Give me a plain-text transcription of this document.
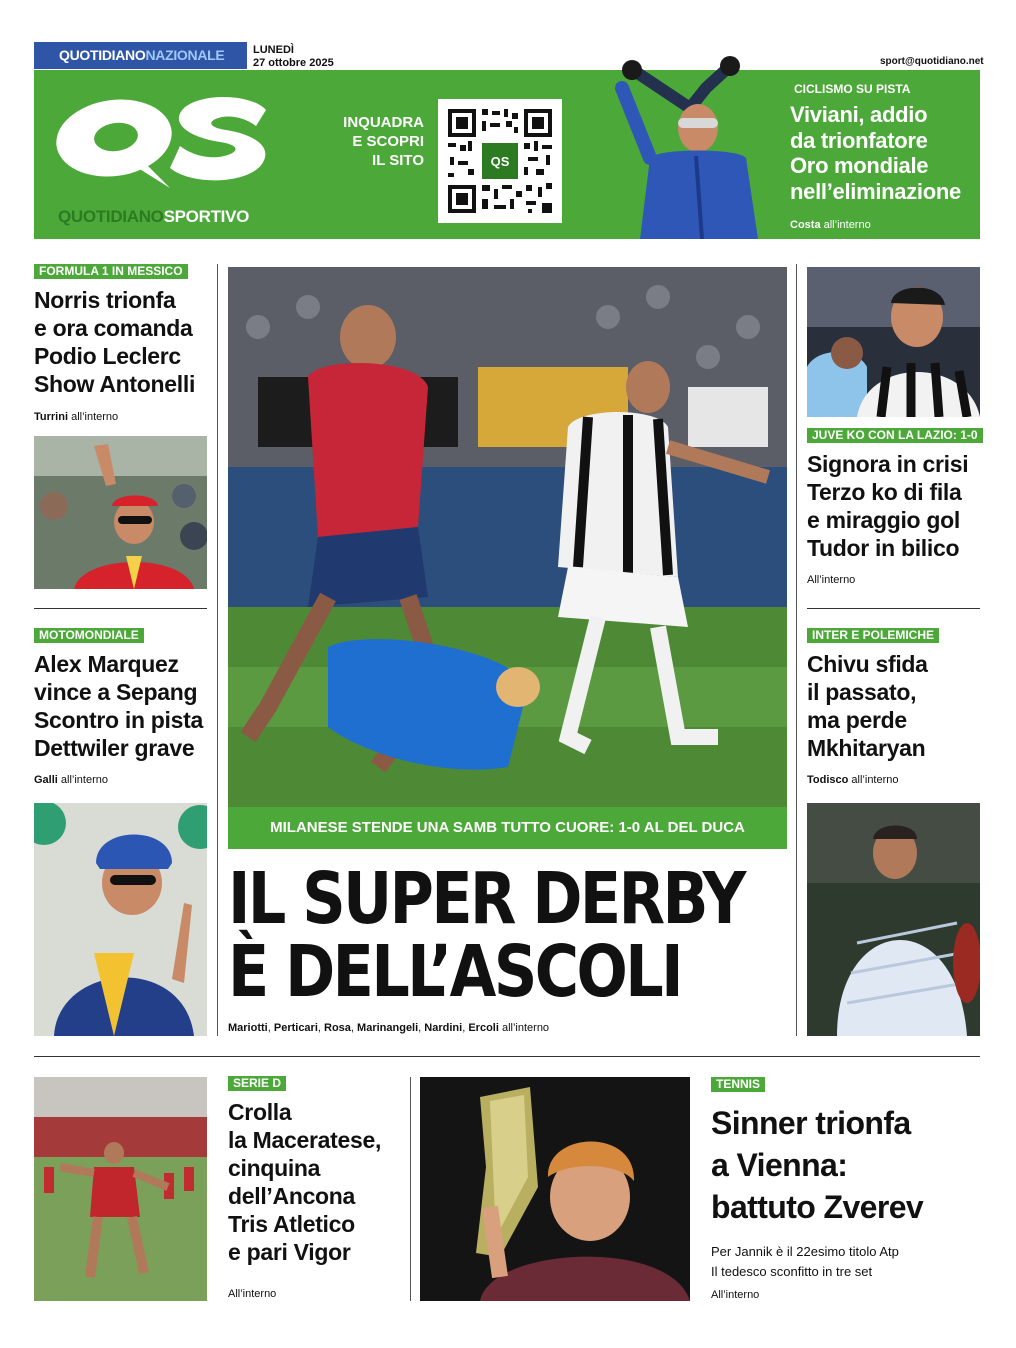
QUOTIDIANONAZIONALE	LUNEDÌ
27 ottobre 2025	sport@quotidiano.net
QUOTIDIANOSPORTIVO
INQUADRA
E SCOPRI
IL SITO	QS
CICLISMO SU PISTA
Viviani, addio
da trionfatore
Oro mondiale
nell’eliminazione
Costa all’interno
FORMULA 1 IN MESSICO
Norris trionfa
e ora comanda
Podio Leclerc
Show Antonelli
Turrini all’interno
MOTOMONDIALE
Alex Marquez
vince a Sepang
Scontro in pista
Dettwiler grave
Galli all’interno
MILANESE STENDE UNA SAMB TUTTO CUORE: 1-0 AL DEL DUCA
IL SUPER DERBY
È DELL’ASCOLI
Mariotti, Perticari, Rosa, Marinangeli, Nardini, Ercoli all’interno
JUVE KO CON LA LAZIO: 1-0
Signora in crisi
Terzo ko di fila
e miraggio gol
Tudor in bilico
All’interno
INTER E POLEMICHE
Chivu sfida
il passato,
ma perde
Mkhitaryan
Todisco all’interno
SERIE D
Crolla
la Maceratese,
cinquina
dell’Ancona
Tris Atletico
e pari Vigor
All’interno
TENNIS
Sinner trionfa
a Vienna:
battuto Zverev
Per Jannik è il 22esimo titolo Atp
Il tedesco sconfitto in tre set
All’interno
